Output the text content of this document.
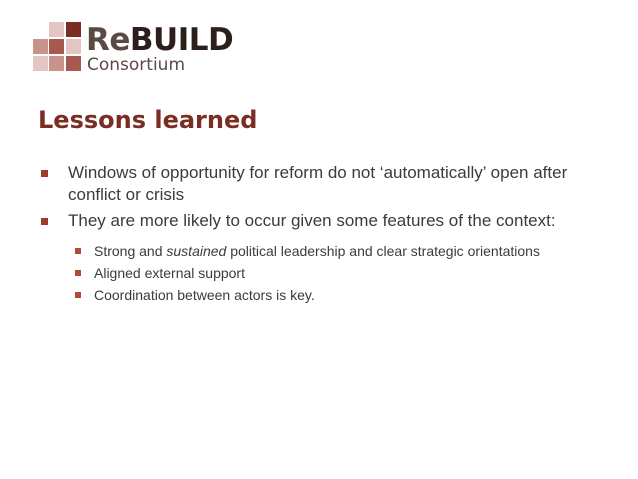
ReBUILD
Consortium
Lessons learned
Windows of opportunity for reform do not ‘automatically’ open after conflict or crisis
They are more likely to occur given some features of the context:
Strong and sustained political leadership and clear strategic orientations
Aligned external support
Coordination between actors is key.
